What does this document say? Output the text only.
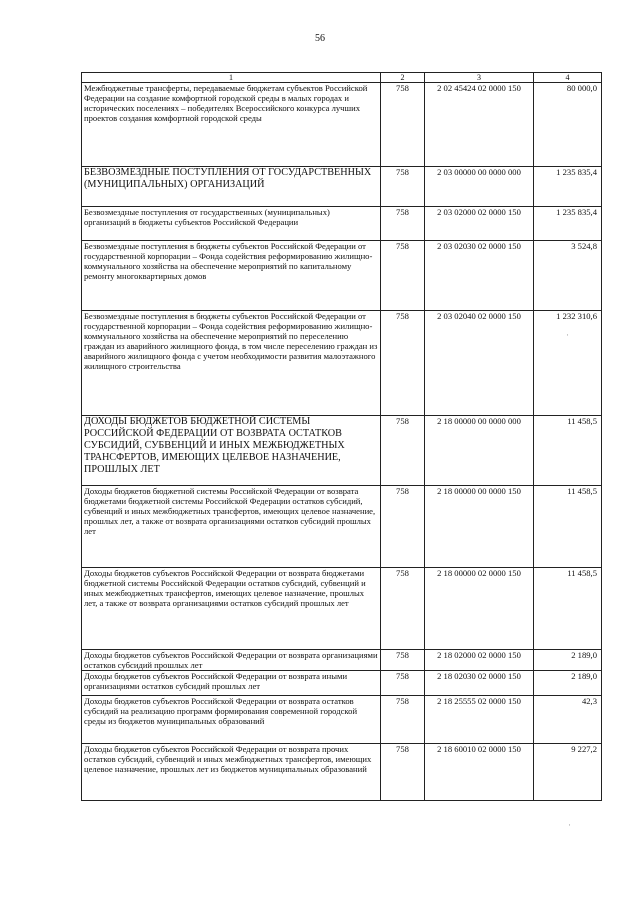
56
·
·
1	2	3	4
Межбюджетные трансферты, передаваемые бюджетам субъектов Российской Федерации на создание комфортной городской среды в малых городах и исторических поселениях – победителях Всероссийского конкурса лучших проектов создания комфортной городской среды	758	2 02 45424 02 0000 150	80 000,0
БЕЗВОЗМЕЗДНЫЕ ПОСТУПЛЕНИЯ ОТ ГОСУДАРСТВЕННЫХ (МУНИЦИПАЛЬНЫХ) ОРГАНИЗАЦИЙ	758	2 03 00000 00 0000 000	1 235 835,4
Безвозмездные поступления от государственных (муниципальных) организаций в бюджеты субъектов Российской Федерации	758	2 03 02000 02 0000 150	1 235 835,4
Безвозмездные поступления в бюджеты субъектов Российской Федерации от государственной корпорации – Фонда содействия реформированию жилищно-коммунального хозяйства на обеспечение мероприятий по капитальному ремонту многоквартирных домов	758	2 03 02030 02 0000 150	3 524,8
Безвозмездные поступления в бюджеты субъектов Российской Федерации от государственной корпорации – Фонда содействия реформированию жилищно-коммунального хозяйства на обеспечение мероприятий по переселению граждан из аварийного жилищного фонда, в том числе переселению граждан из аварийного жилищного фонда с учетом необходимости развития малоэтажного жилищного строительства	758	2 03 02040 02 0000 150	1 232 310,6
ДОХОДЫ БЮДЖЕТОВ БЮДЖЕТНОЙ СИСТЕМЫ РОССИЙСКОЙ ФЕДЕРАЦИИ ОТ ВОЗВРАТА ОСТАТКОВ СУБСИДИЙ, СУБВЕНЦИЙ И ИНЫХ МЕЖБЮДЖЕТНЫХ ТРАНСФЕРТОВ, ИМЕЮЩИХ ЦЕЛЕВОЕ НАЗНАЧЕНИЕ, ПРОШЛЫХ ЛЕТ	758	2 18 00000 00 0000 000	11 458,5
Доходы бюджетов бюджетной системы Российской Федерации от возврата бюджетами бюджетной системы Российской Федерации остатков субсидий, субвенций и иных межбюджетных трансфертов, имеющих целевое назначение, прошлых лет, а также от возврата организациями остатков субсидий прошлых лет	758	2 18 00000 00 0000 150	11 458,5
Доходы бюджетов субъектов Российской Федерации от возврата бюджетами бюджетной системы Российской Федерации остатков субсидий, субвенций и иных межбюджетных трансфертов, имеющих целевое назначение, прошлых лет, а также от возврата организациями остатков субсидий прошлых лет	758	2 18 00000 02 0000 150	11 458,5
Доходы бюджетов субъектов Российской Федерации от возврата организациями остатков субсидий прошлых лет	758	2 18 02000 02 0000 150	2 189,0
Доходы бюджетов субъектов Российской Федерации от возврата иными организациями остатков субсидий прошлых лет	758	2 18 02030 02 0000 150	2 189,0
Доходы бюджетов субъектов Российской Федерации от возврата остатков субсидий на реализацию программ формирования современной городской среды из бюджетов муниципальных образований	758	2 18 25555 02 0000 150	42,3
Доходы бюджетов субъектов Российской Федерации от возврата прочих остатков субсидий, субвенций и иных межбюджетных трансфертов, имеющих целевое назначение, прошлых лет из бюджетов муниципальных образований	758	2 18 60010 02 0000 150	9 227,2
